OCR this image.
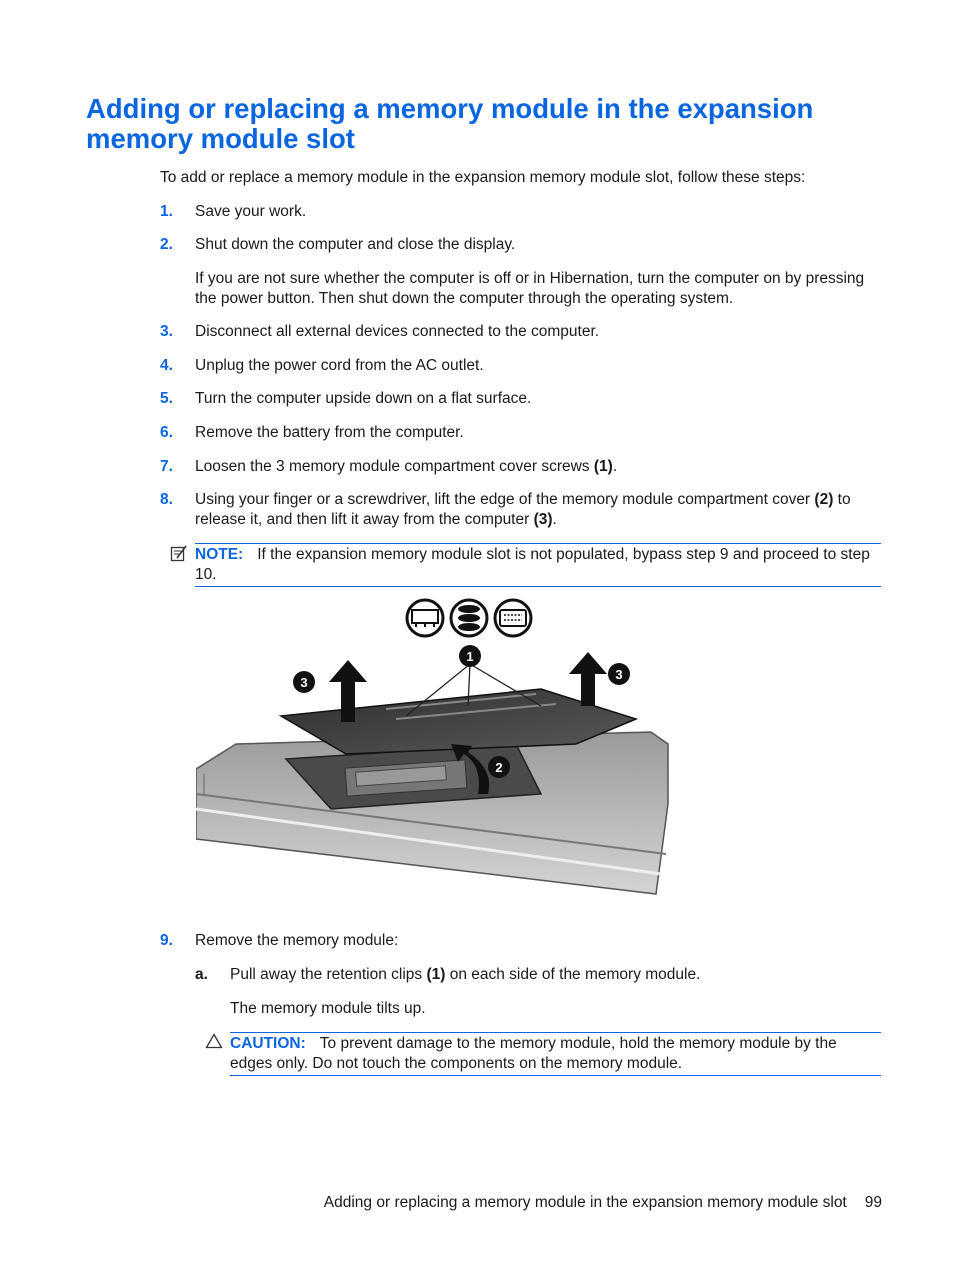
Adding or replacing a memory module in the expansion memory module slot
To add or replace a memory module in the expansion memory module slot, follow these steps:
1. Save your work.
2. Shut down the computer and close the display.
If you are not sure whether the computer is off or in Hibernation, turn the computer on by pressing the power button. Then shut down the computer through the operating system.
3. Disconnect all external devices connected to the computer.
4. Unplug the power cord from the AC outlet.
5. Turn the computer upside down on a flat surface.
6. Remove the battery from the computer.
7. Loosen the 3 memory module compartment cover screws (1).
8. Using your finger or a screwdriver, lift the edge of the memory module compartment cover (2) to release it, and then lift it away from the computer (3).
NOTE: If the expansion memory module slot is not populated, bypass step 9 and proceed to step 10.
1
2
3
3
9. Remove the memory module:
a. Pull away the retention clips (1) on each side of the memory module.
The memory module tilts up.
CAUTION: To prevent damage to the memory module, hold the memory module by the edges only. Do not touch the components on the memory module.
Adding or replacing a memory module in the expansion memory module slot 99
